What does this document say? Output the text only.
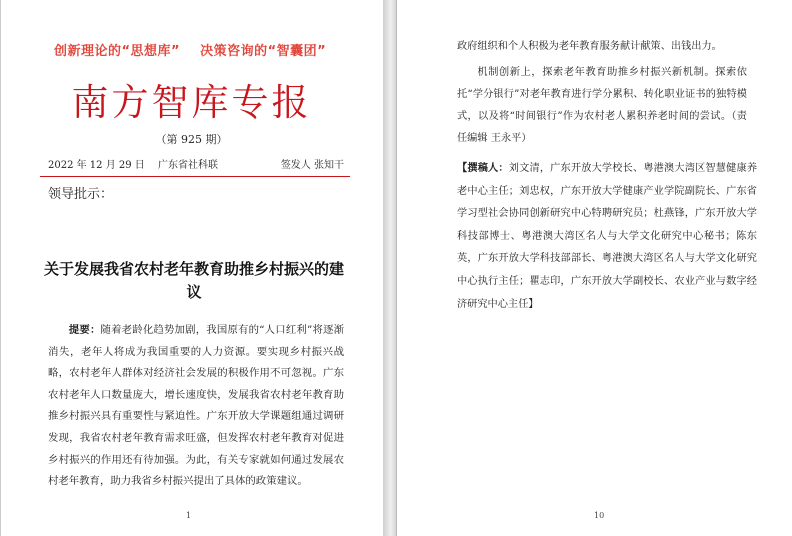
创新理论的“思想库” 决策咨询的“智囊团”
南方智库专报
（第 925 期）
2022 年 12 月 29 日 广东省社科联	签发人 张知干
领导批示：
关于发展我省农村老年教育助推乡村振兴的建议
提要：随着老龄化趋势加剧，我国原有的“人口红利”将逐渐消失，老年人将成为我国重要的人力资源。要实现乡村振兴战略，农村老年人群体对经济社会发展的积极作用不可忽视。广东农村老年人口数量庞大，增长速度快，发展我省农村老年教育助推乡村振兴具有重要性与紧迫性。广东开放大学课题组通过调研发现，我省农村老年教育需求旺盛，但发挥农村老年教育对促进乡村振兴的作用还有待加强。为此，有关专家就如何通过发展农村老年教育，助力我省乡村振兴提出了具体的政策建议。
1
政府组织和个人积极为老年教育服务献计献策、出钱出力。
机制创新上，探索老年教育助推乡村振兴新机制。探索依托“学分银行”对老年教育进行学分累积、转化职业证书的独特模式，以及将“时间银行”作为农村老人累积养老时间的尝试。（责任编辑 王永平）
【撰稿人：刘文清，广东开放大学校长、粤港澳大湾区智慧健康养老中心主任；刘忠权，广东开放大学健康产业学院副院长、广东省学习型社会协同创新研究中心特聘研究员；杜燕锋，广东开放大学科技部博士、粤港澳大湾区名人与大学文化研究中心秘书；陈东英，广东开放大学科技部部长、粤港澳大湾区名人与大学文化研究中心执行主任；瞿志印，广东开放大学副校长、农业产业与数字经济研究中心主任】
10
